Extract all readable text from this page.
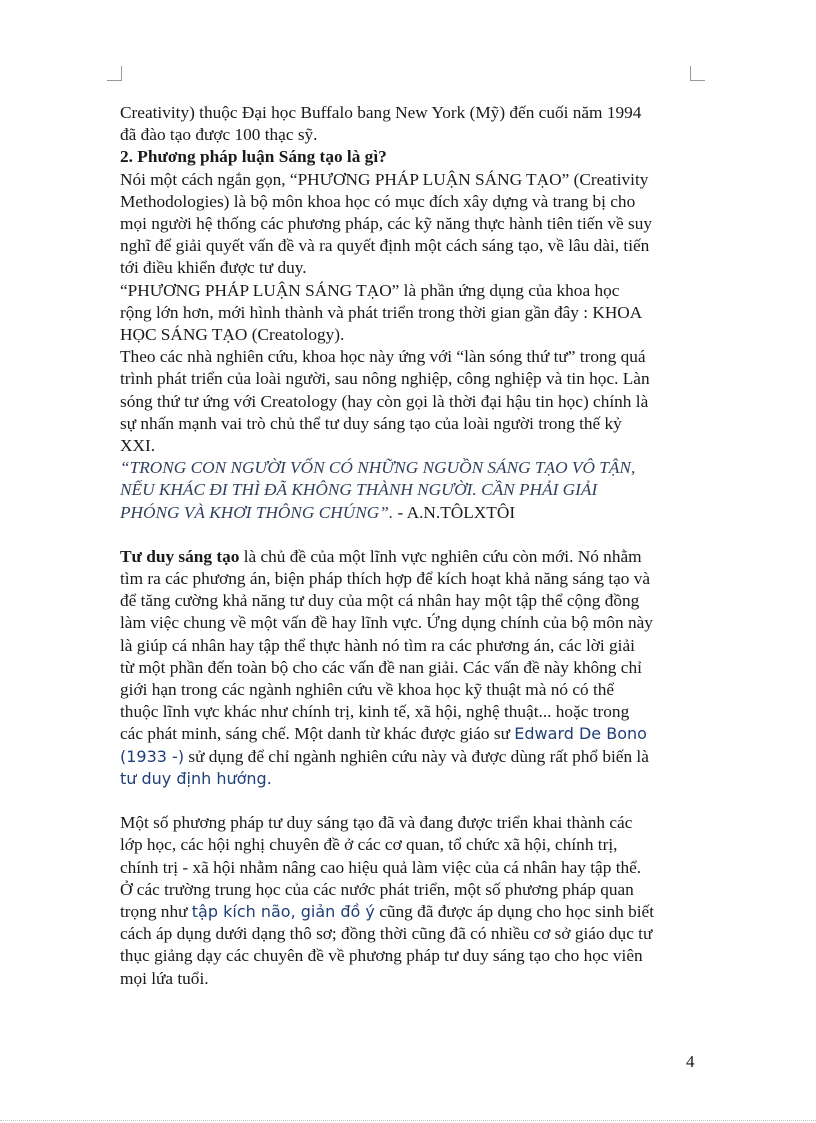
Creativity) thuộc Đại học Buffalo bang New York (Mỹ) đến cuối năm 1994
đã đào tạo được 100 thạc sỹ.

2. Phương pháp luận Sáng tạo là gì?

Nói một cách ngắn gọn, “PHƯƠNG PHÁP LUẬN SÁNG TẠO” (Creativity
Methodologies) là bộ môn khoa học có mục đích xây dựng và trang bị cho
mọi người hệ thống các phương pháp, các kỹ năng thực hành tiên tiến về suy
nghĩ để giải quyết vấn đề và ra quyết định một cách sáng tạo, về lâu dài, tiến
tới điều khiển được tư duy.

“PHƯƠNG PHÁP LUẬN SÁNG TẠO” là phần ứng dụng của khoa học
rộng lớn hơn, mới hình thành và phát triển trong thời gian gần đây : KHOA
HỌC SÁNG TẠO (Creatology).

Theo các nhà nghiên cứu, khoa học này ứng với “làn sóng thứ tư” trong quá
trình phát triển của loài người, sau nông nghiệp, công nghiệp và tin học. Làn
sóng thứ tư ứng với Creatology (hay còn gọi là thời đại hậu tin học) chính là
sự nhấn mạnh vai trò chủ thể tư duy sáng tạo của loài người trong thế kỷ
XXI.

“TRONG CON NGƯỜI VỐN CÓ NHỮNG NGUỒN SÁNG TẠO VÔ TẬN,
NẾU KHÁC ĐI THÌ ĐÃ KHÔNG THÀNH NGƯỜI. CẦN PHẢI GIẢI
PHÓNG VÀ KHƠI THÔNG CHÚNG”. - A.N.TÔLXTÔI

Tư duy sáng tạo là chủ đề của một lĩnh vực nghiên cứu còn mới. Nó nhằm
tìm ra các phương án, biện pháp thích hợp để kích hoạt khả năng sáng tạo và
để tăng cường khả năng tư duy của một cá nhân hay một tập thể cộng đồng
làm việc chung về một vấn đề hay lĩnh vực. Ứng dụng chính của bộ môn này
là giúp cá nhân hay tập thể thực hành nó tìm ra các phương án, các lời giải
từ một phần đến toàn bộ cho các vấn đề nan giải. Các vấn đề này không chỉ
giới hạn trong các ngành nghiên cứu về khoa học kỹ thuật mà nó có thể
thuộc lĩnh vực khác như chính trị, kinh tế, xã hội, nghệ thuật... hoặc trong
các phát minh, sáng chế. Một danh từ khác được giáo sư Edward De Bono
(1933 -) sử dụng để chỉ ngành nghiên cứu này và được dùng rất phổ biến là
tư duy định hướng.

Một số phương pháp tư duy sáng tạo đã và đang được triển khai thành các
lớp học, các hội nghị chuyên đề ở các cơ quan, tổ chức xã hội, chính trị,
chính trị - xã hội nhằm nâng cao hiệu quả làm việc của cá nhân hay tập thể.
Ở các trường trung học của các nước phát triển, một số phương pháp quan
trọng như tập kích não, giản đồ ý cũng đã được áp dụng cho học sinh biết
cách áp dụng dưới dạng thô sơ; đồng thời cũng đã có nhiều cơ sở giáo dục tư
thục giảng dạy các chuyên đề về phương pháp tư duy sáng tạo cho học viên
mọi lứa tuổi.

4
